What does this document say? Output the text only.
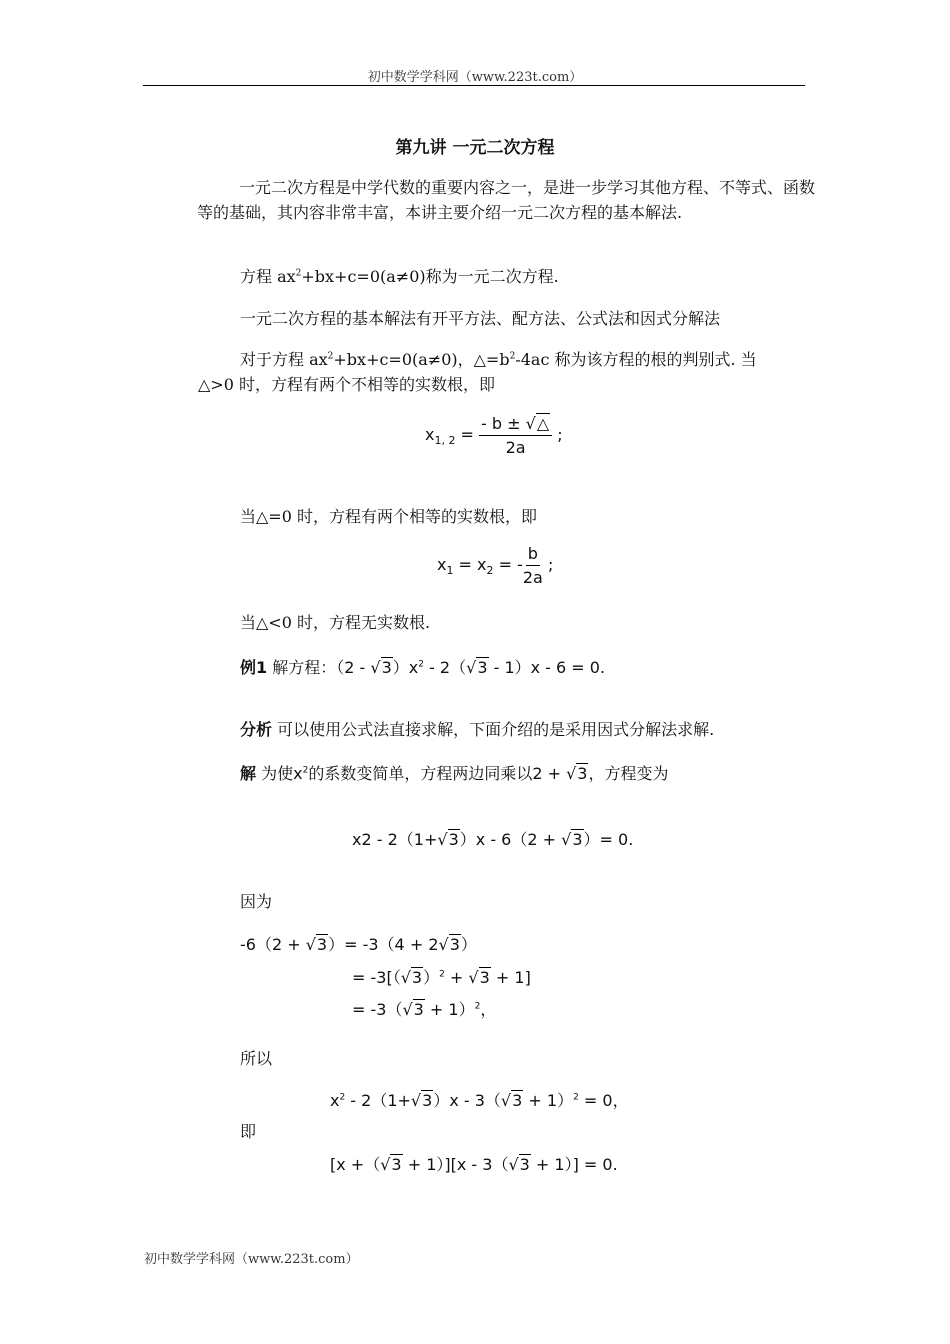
初中数学学科网（www.223t.com）
第九讲 一元二次方程
一元二次方程是中学代数的重要内容之一，是进一步学习其他方程、不等式、函数等的基础，其内容非常丰富，本讲主要介绍一元二次方程的基本解法.
方程 $ax^2+bx+c=0(a\ne 0)$称为一元二次方程.
一元二次方程的基本解法有开平方法、配方法、公式法和因式分解法
对于方程 $ax^2+bx+c=0(a\ne 0)$，$\triangle=b^2-4ac$ 称为该方程的根的判别式. 当
△>0 时，方程有两个不相等的实数根，即
$x_{1, 2} = \frac{- b \pm √\triangle}{2a}$ ;
当△=0 时，方程有两个相等的实数根，即
$x_1 = x_2$ = - $\frac{b}{2a}$ ;
当△<0 时，方程无实数根.
例1 解方程：$(2 - √3)x^2 - 2(√3 - 1)x - 6 = 0$.
分析 可以使用公式法直接求解，下面介绍的是采用因式分解法求解.
解 为使$x^2$的系数变简单，方程两边同乘以2 + √3，方程变为
x2 - 2（1+√3）x - 6（2 + √3）= 0.
因为
-6（2 + √3）= -3（4 + 2√3）
= $-3[(√3)^2 + √3 + 1]$
= $-3(√3 + 1)^2$，
所以
$x^2 - 2(1+√3)x - 3(√3 + 1)^2 = 0$，
即
[x +（√3 + 1）][x - 3（√3 + 1）] = 0.
初中数学学科网（www.223t.com）
